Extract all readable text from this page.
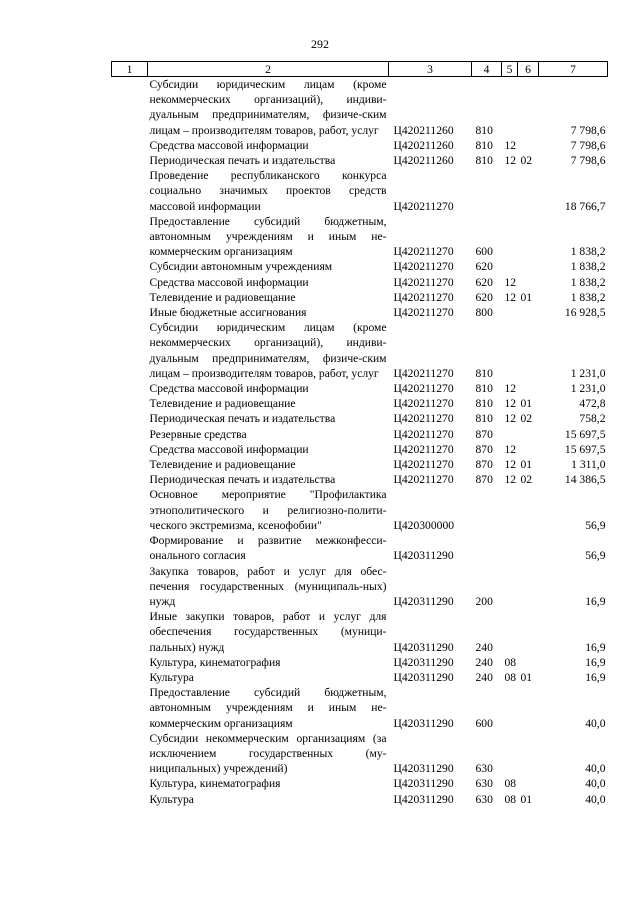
292
1	2	3	4	5	6	7
	Субсидии юридическим лицам (кроме некоммерческих организаций), индиви-дуальным предпринимателям, физиче-ским лицам – производителям товаров, работ, услуг	Ц420211260	810			7 798,6
	Средства массовой информации	Ц420211260	810	12		7 798,6
	Периодическая печать и издательства	Ц420211260	810	12	02	7 798,6
	Проведение республиканского конкурса социально значимых проектов средств массовой информации	Ц420211270				18 766,7
	Предоставление субсидий бюджетным, автономным учреждениям и иным не-коммерческим организациям	Ц420211270	600			1 838,2
	Субсидии автономным учреждениям	Ц420211270	620			1 838,2
	Средства массовой информации	Ц420211270	620	12		1 838,2
	Телевидение и радиовещание	Ц420211270	620	12	01	1 838,2
	Иные бюджетные ассигнования	Ц420211270	800			16 928,5
	Субсидии юридическим лицам (кроме некоммерческих организаций), индиви-дуальным предпринимателям, физиче-ским лицам – производителям товаров, работ, услуг	Ц420211270	810			1 231,0
	Средства массовой информации	Ц420211270	810	12		1 231,0
	Телевидение и радиовещание	Ц420211270	810	12	01	472,8
	Периодическая печать и издательства	Ц420211270	810	12	02	758,2
	Резервные средства	Ц420211270	870			15 697,5
	Средства массовой информации	Ц420211270	870	12		15 697,5
	Телевидение и радиовещание	Ц420211270	870	12	01	1 311,0
	Периодическая печать и издательства	Ц420211270	870	12	02	14 386,5
	Основное мероприятие "Профилактика этнополитического и религиозно-полити-ческого экстремизма, ксенофобии"	Ц420300000				56,9
	Формирование и развитие межконфесси-онального согласия	Ц420311290				56,9
	Закупка товаров, работ и услуг для обес-печения государственных (муниципаль-ных) нужд	Ц420311290	200			16,9
	Иные закупки товаров, работ и услуг для обеспечения государственных (муници-пальных) нужд	Ц420311290	240			16,9
	Культура, кинематография	Ц420311290	240	08		16,9
	Культура	Ц420311290	240	08	01	16,9
	Предоставление субсидий бюджетным, автономным учреждениям и иным не-коммерческим организациям	Ц420311290	600			40,0
	Субсидии некоммерческим организациям (за исключением государственных (му-ниципальных) учреждений)	Ц420311290	630			40,0
	Культура, кинематография	Ц420311290	630	08		40,0
	Культура	Ц420311290	630	08	01	40,0
